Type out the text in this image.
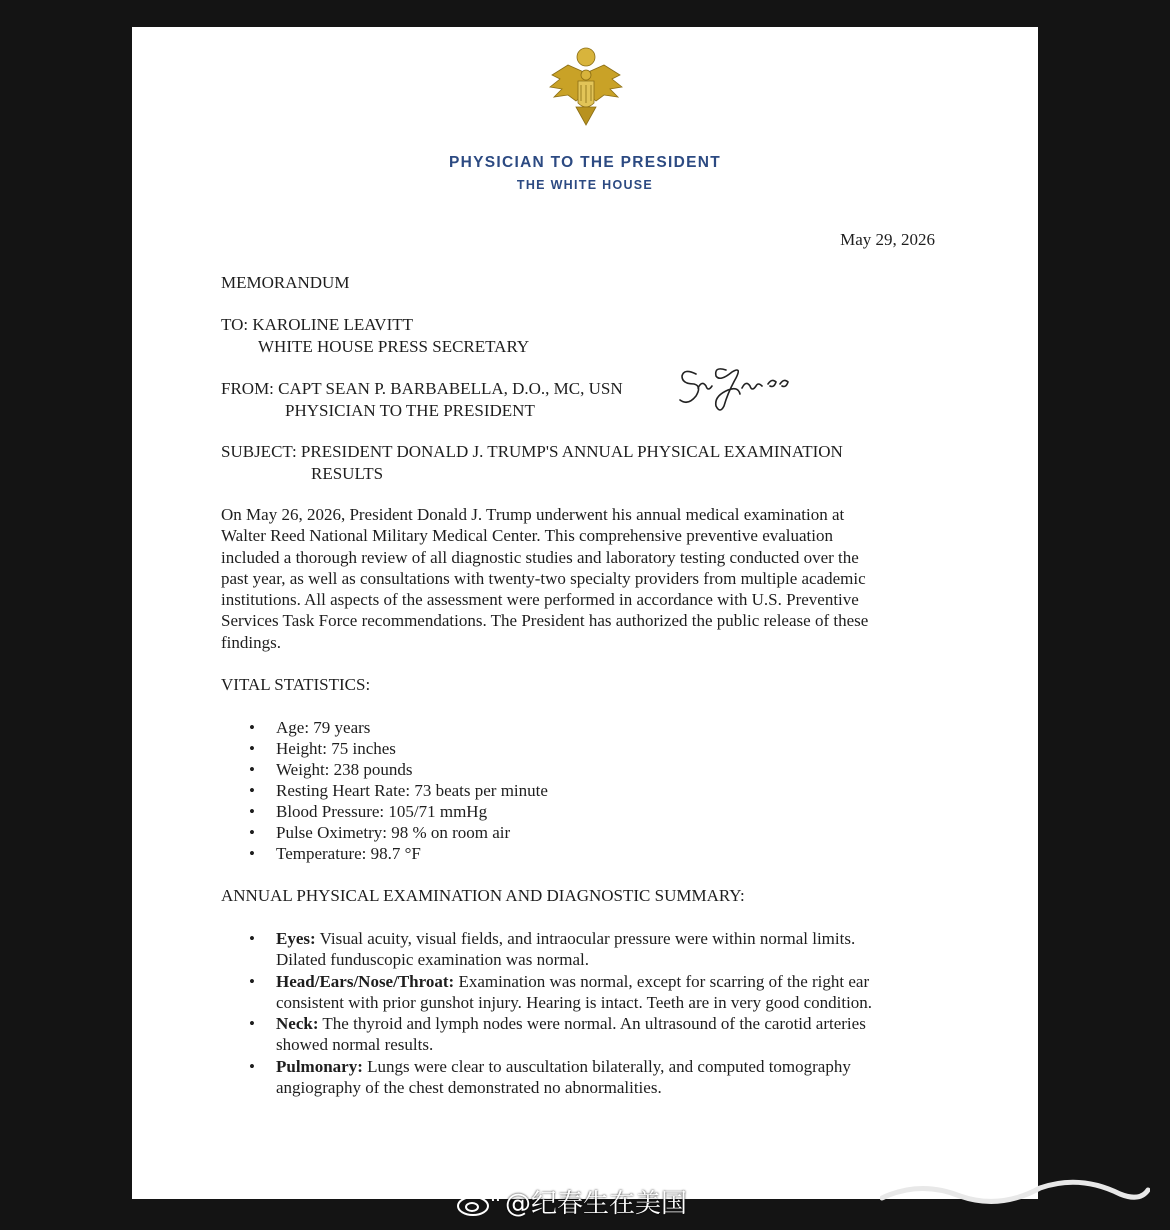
PHYSICIAN TO THE PRESIDENT
THE WHITE HOUSE
May 29, 2026
MEMORANDUM
TO: KAROLINE LEAVITT
WHITE HOUSE PRESS SECRETARY
FROM: CAPT SEAN P. BARBABELLA, D.O., MC, USN
PHYSICIAN TO THE PRESIDENT
SUBJECT: PRESIDENT DONALD J. TRUMP'S ANNUAL PHYSICAL EXAMINATION
RESULTS
On May 26, 2026, President Donald J. Trump underwent his annual medical examination at
Walter Reed National Military Medical Center. This comprehensive preventive evaluation
included a thorough review of all diagnostic studies and laboratory testing conducted over the
past year, as well as consultations with twenty-two specialty providers from multiple academic
institutions. All aspects of the assessment were performed in accordance with U.S. Preventive
Services Task Force recommendations. The President has authorized the public release of these
findings.
VITAL STATISTICS:
• Age: 79 years
• Height: 75 inches
• Weight: 238 pounds
• Resting Heart Rate: 73 beats per minute
• Blood Pressure: 105/71 mmHg
• Pulse Oximetry: 98 % on room air
• Temperature: 98.7 °F
ANNUAL PHYSICAL EXAMINATION AND DIAGNOSTIC SUMMARY:
• Eyes: Visual acuity, visual fields, and intraocular pressure were within normal limits.
Dilated funduscopic examination was normal.
• Head/Ears/Nose/Throat: Examination was normal, except for scarring of the right ear
consistent with prior gunshot injury. Hearing is intact. Teeth are in very good condition.
• Neck: The thyroid and lymph nodes were normal. An ultrasound of the carotid arteries
showed normal results.
• Pulmonary: Lungs were clear to auscultation bilaterally, and computed tomography
angiography of the chest demonstrated no abnormalities.
@纪春生在美国
